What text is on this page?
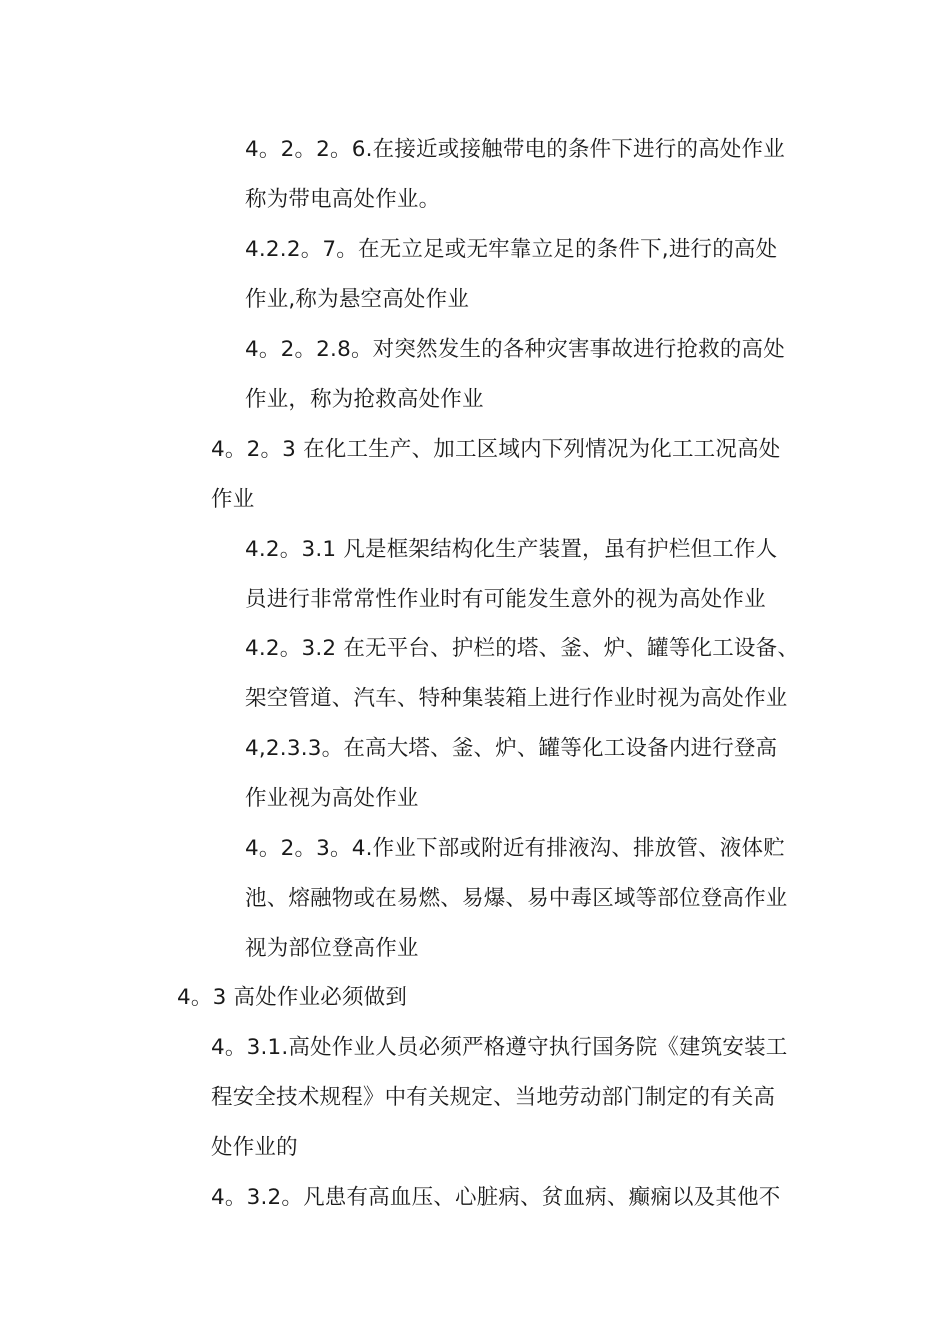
4。2。2。6.在接近或接触带电的条件下进行的高处作业
称为带电高处作业。
4.2.2。7。在无立足或无牢靠立足的条件下,进行的高处
作业,称为悬空高处作业
4。2。2.8。对突然发生的各种灾害事故进行抢救的高处
作业，称为抢救高处作业
4。2。3 在化工生产、加工区域内下列情况为化工工况高处
作业
4.2。3.1 凡是框架结构化生产装置，虽有护栏但工作人
员进行非常常性作业时有可能发生意外的视为高处作业
4.2。3.2 在无平台、护栏的塔、釜、炉、罐等化工设备、
架空管道、汽车、特种集装箱上进行作业时视为高处作业
4,2.3.3。在高大塔、釜、炉、罐等化工设备内进行登高
作业视为高处作业
4。2。3。4.作业下部或附近有排液沟、排放管、液体贮
池、熔融物或在易燃、易爆、易中毒区域等部位登高作业
视为部位登高作业
4。3 高处作业必须做到
4。3.1.高处作业人员必须严格遵守执行国务院《建筑安装工
程安全技术规程》中有关规定、当地劳动部门制定的有关高
处作业的
4。3.2。凡患有高血压、心脏病、贫血病、癫痫以及其他不
